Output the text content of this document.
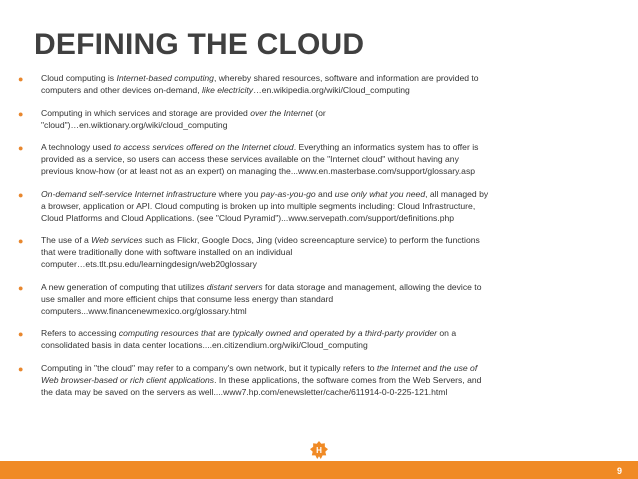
DEFINING THE CLOUD
● Cloud computing is Internet-based computing, whereby shared resources, software and information are provided to
computers and other devices on-demand, like electricity…en.wikipedia.org/wiki/Cloud_computing
● Computing in which services and storage are provided over the Internet (or
"cloud")…en.wiktionary.org/wiki/cloud_computing
● A technology used to access services offered on the Internet cloud. Everything an informatics system has to offer is
provided as a service, so users can access these services available on the "Internet cloud" without having any
previous know-how (or at least not as an expert) on managing the...www.en.masterbase.com/support/glossary.asp
● On-demand self-service Internet infrastructure where you pay-as-you-go and use only what you need, all managed by
a browser, application or API. Cloud computing is broken up into multiple segments including: Cloud Infrastructure,
Cloud Platforms and Cloud Applications. (see "Cloud Pyramid")...www.servepath.com/support/definitions.php
● The use of a Web services such as Flickr, Google Docs, Jing (video screencapture service) to perform the functions
that were traditionally done with software installed on an individual
computer…ets.tlt.psu.edu/learningdesign/web20glossary
● A new generation of computing that utilizes distant servers for data storage and management, allowing the device to
use smaller and more efficient chips that consume less energy than standard
computers...www.financenewmexico.org/glossary.html
● Refers to accessing computing resources that are typically owned and operated by a third-party provider on a
consolidated basis in data center locations....en.citizendium.org/wiki/Cloud_computing
● Computing in "the cloud" may refer to a company's own network, but it typically refers to the Internet and the use of
Web browser-based or rich client applications. In these applications, the software comes from the Web Servers, and
the data may be saved on the servers as well....www7.hp.com/enewsletter/cache/611914-0-0-225-121.html
H
9
